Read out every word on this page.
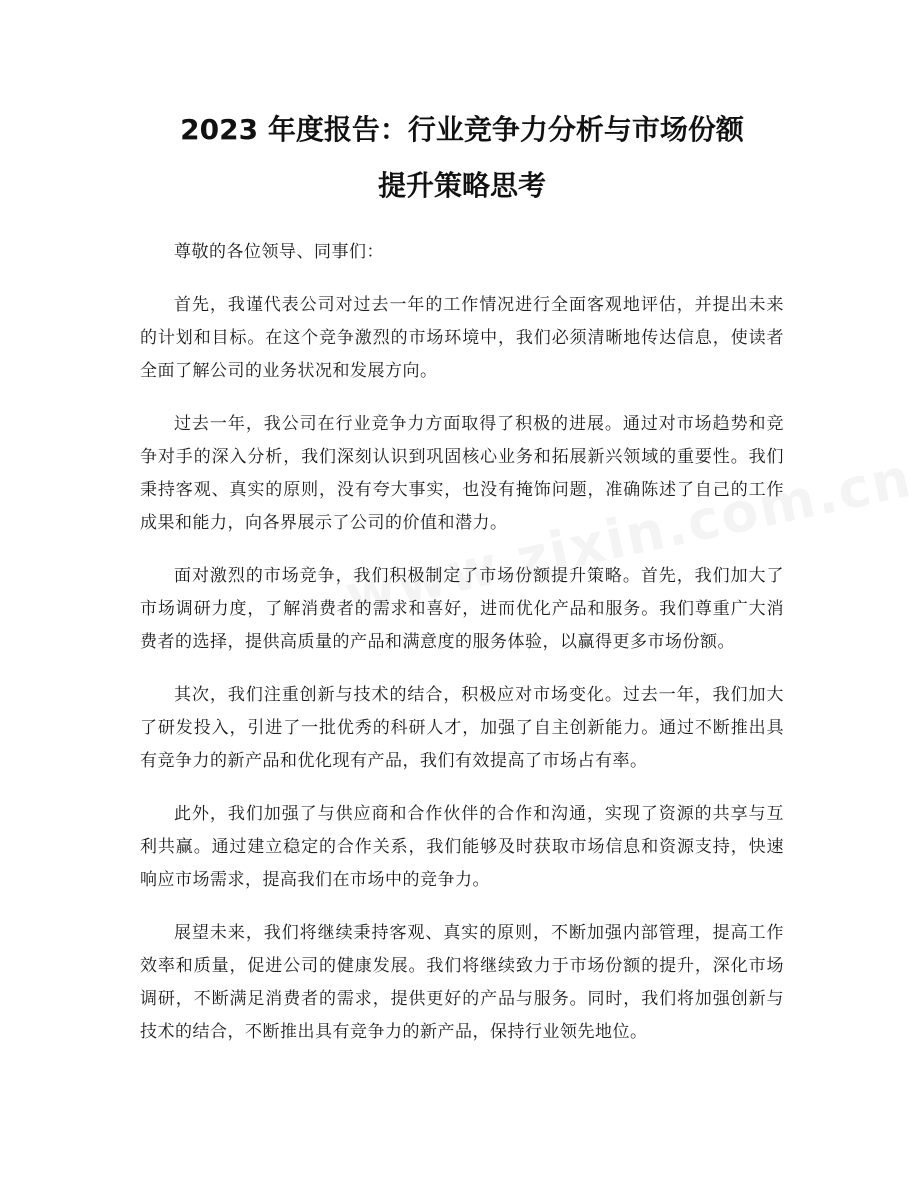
2023 年度报告：行业竞争力分析与市场份额
提升策略思考

尊敬的各位领导、同事们：

首先，我谨代表公司对过去一年的工作情况进行全面客观地评估，并提出未来的计划和目标。在这个竞争激烈的市场环境中，我们必须清晰地传达信息，使读者全面了解公司的业务状况和发展方向。

过去一年，我公司在行业竞争力方面取得了积极的进展。通过对市场趋势和竞争对手的深入分析，我们深刻认识到巩固核心业务和拓展新兴领域的重要性。我们秉持客观、真实的原则，没有夸大事实，也没有掩饰问题，准确陈述了自己的工作成果和能力，向各界展示了公司的价值和潜力。

面对激烈的市场竞争，我们积极制定了市场份额提升策略。首先，我们加大了市场调研力度，了解消费者的需求和喜好，进而优化产品和服务。我们尊重广大消费者的选择，提供高质量的产品和满意度的服务体验，以赢得更多市场份额。

其次，我们注重创新与技术的结合，积极应对市场变化。过去一年，我们加大了研发投入，引进了一批优秀的科研人才，加强了自主创新能力。通过不断推出具有竞争力的新产品和优化现有产品，我们有效提高了市场占有率。

此外，我们加强了与供应商和合作伙伴的合作和沟通，实现了资源的共享与互利共赢。通过建立稳定的合作关系，我们能够及时获取市场信息和资源支持，快速响应市场需求，提高我们在市场中的竞争力。

展望未来，我们将继续秉持客观、真实的原则，不断加强内部管理，提高工作效率和质量，促进公司的健康发展。我们将继续致力于市场份额的提升，深化市场调研，不断满足消费者的需求，提供更好的产品与服务。同时，我们将加强创新与技术的结合，不断推出具有竞争力的新产品，保持行业领先地位。
